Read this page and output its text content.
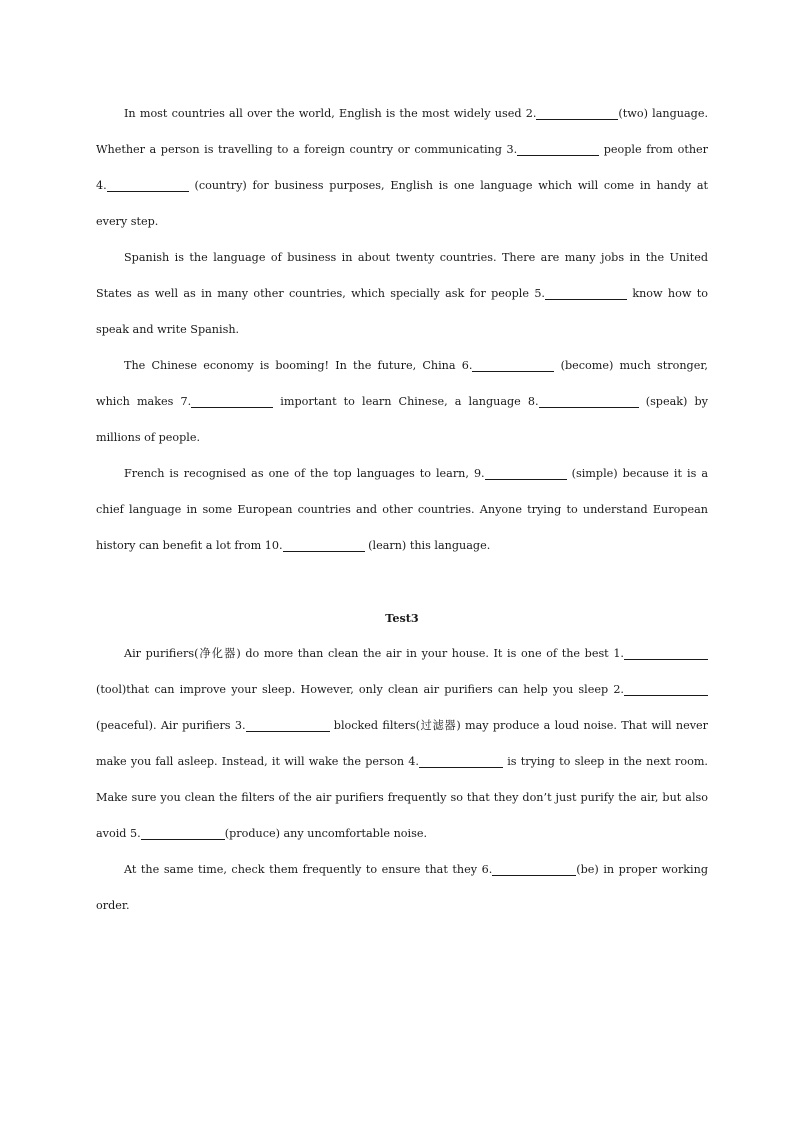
In most countries all over the world, English is the most widely used 2.	(two) language. Whether a person is travelling to a foreign country or communicating 3.	people from other 4.	(country) for business purposes, English is one language which will come in handy at every step.

Spanish is the language of business in about twenty countries. There are many jobs in the United States as well as in many other countries, which specially ask for people 5.	know how to speak and write Spanish.

The Chinese economy is booming! In the future, China 6.	(become) much stronger, which makes 7.	important to learn Chinese, a language 8.	(speak) by millions of people.

French is recognised as one of the top languages to learn, 9.	(simple) because it is a chief language in some European countries and other countries. Anyone trying to understand European history can benefit a lot from 10.	(learn) this language.

Test3

Air purifiers(净化器) do more than clean the air in your house. It is one of the best 1.(tool)that can improve your sleep. However, only clean air purifiers can help you sleep 2.(peaceful). Air purifiers 3.	blocked filters(过滤器) may produce a loud noise. That will never make you fall asleep. Instead, it will wake the person 4.	is trying to sleep in the next room. Make sure you clean the filters of the air purifiers frequently so that they don’t just purify the air, but also avoid 5.	(produce) any uncomfortable noise.

At the same time, check them frequently to ensure that they 6.	(be) in proper working order.
